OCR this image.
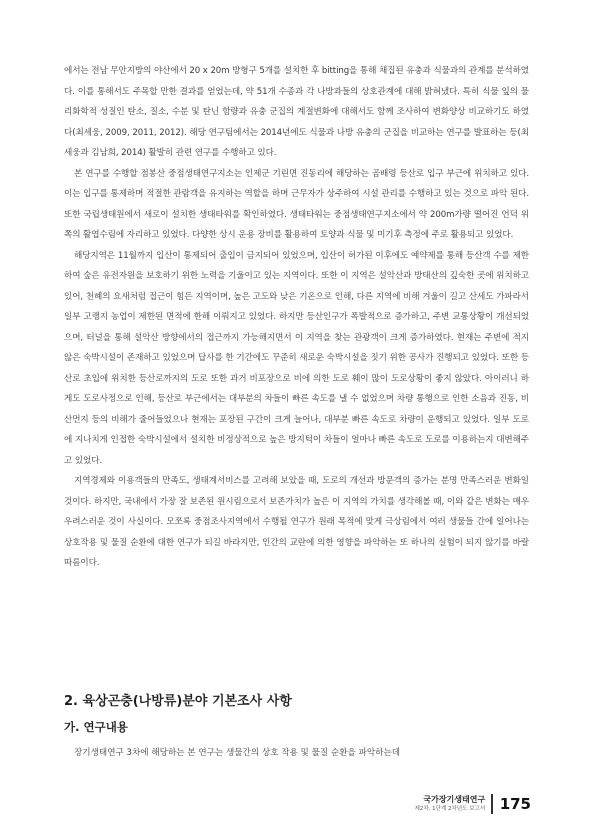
에서는 전남 무안지방의 야산에서 20 x 20m 방형구 5개를 설치한 후 bitting을 통해 채집된 유충과 식물과의 관계를 분석하였다. 이를 통해서도 주목할 만한 결과를 얻었는데, 약 51개 수종과 각 나방과들의 상호관계에 대해 밝혀냈다. 특히 식물 잎의 물리화학적 성질인 탄소, 질소, 수분 및 탄닌 함량과 유충 군집의 계절변화에 대해서도 함께 조사하여 변화양상 비교하기도 하였다(최세웅, 2009, 2011, 2012). 해당 연구팀에서는 2014년에도 식물과 나방 유충의 군집을 비교하는 연구를 발표하는 등(최세웅과 김남희, 2014) 활발히 관련 연구를 수행하고 있다.

본 연구를 수행할 점봉산 중점생태연구지소는 인제군 기린면 진동리에 해당하는 곰배령 등산로 입구 부근에 위치하고 있다. 이는 입구를 통제하며 적절한 관람객을 유지하는 역할을 하며 근무자가 상주하여 시설 관리를 수행하고 있는 것으로 파악 된다. 또한 국립생태원에서 새로이 설치한 생태타워를 확인하였다. 생태타워는 중점생태연구지소에서 약 200m가량 떨어진 언덕 위쪽의 활엽수림에 자리하고 있었다. 다양한 상시 운용 장비를 활용하여 토양과 식물 및 미기후 측정에 주로 활용되고 있었다.

해당지역은 11월까지 입산이 통제되어 출입이 금지되어 있었으며, 입산이 허가된 이후에도 예약제를 통해 등산객 수를 제한하여 숲은 유전자원을 보호하기 위한 노력을 기울이고 있는 지역이다. 또한 이 지역은 설악산과 방태산의 깊숙한 곳에 위치하고 있어, 천혜의 요새처럼 접근이 힘든 지역이며, 높은 고도와 낮은 기온으로 인해, 다른 지역에 비해 겨울이 길고 산세도 가파라서 일부 고랭지 농업이 제한된 면적에 한해 이뤄지고 있었다. 하지만 등산인구가 폭발적으로 증가하고, 주변 교통상황이 개선되었으며, 터널을 통해 설악산 방향에서의 접근까지 가능해지면서 이 지역을 찾는 관광객이 크게 증가하였다. 현재는 주변에 적지 않은 숙박시설이 존재하고 있었으며 답사를 한 기간에도 꾸준히 새로운 숙박시설을 짓기 위한 공사가 진행되고 있었다. 또한 등산로 초입에 위치한 등산로까지의 도로 또한 과거 비포장으로 비에 의한 도로 훼이 많이 도로상황이 좋지 않았다. 아이러니 하게도 도로사정으로 인해, 등산로 부근에서는 대부분의 차들이 빠른 속도를 낼 수 없었으며 차량 통행으로 인한 소음과 진동, 비산먼지 등의 비해가 줄어들었으나 현재는 포장된 구간이 크게 늘어나, 대부분 빠른 속도로 차량이 운행되고 있었다. 일부 도로에 지나치게 인접한 숙박시설에서 설치한 비정상적으로 높은 방지턱이 차들이 얼마나 빠른 속도로 도로를 이용하는지 대변해주고 있었다.

지역경제와 이용객들의 만족도, 생태계서비스를 고려해 보았을 때, 도로의 개선과 방문객의 증가는 분명 만족스러운 변화일 것이다. 하지만, 국내에서 가장 잘 보존된 원시림으로서 보존가치가 높은 이 지역의 가치를 생각해볼 때, 이와 같은 변화는 매우 우려스러운 것이 사실이다. 모쪼록 중점조사지역에서 수행될 연구가 원래 목적에 맞게 극상림에서 여러 생물들 간에 일어나는 상호작용 및 물질 순환에 대한 연구가 되길 바라지만, 인간의 교란에 의한 영향을 파악하는 또 하나의 실험이 되지 않기를 바랄 따름이다.

2. 육상곤충(나방류)분야 기본조사 사항
가. 연구내용

장기생태연구 3차에 해당하는 본 연구는 생물간의 상호 작용 및 물질 순환을 파악하는데

국가장기생태연구
제2차, 1단계 2차년도 보고서 175
